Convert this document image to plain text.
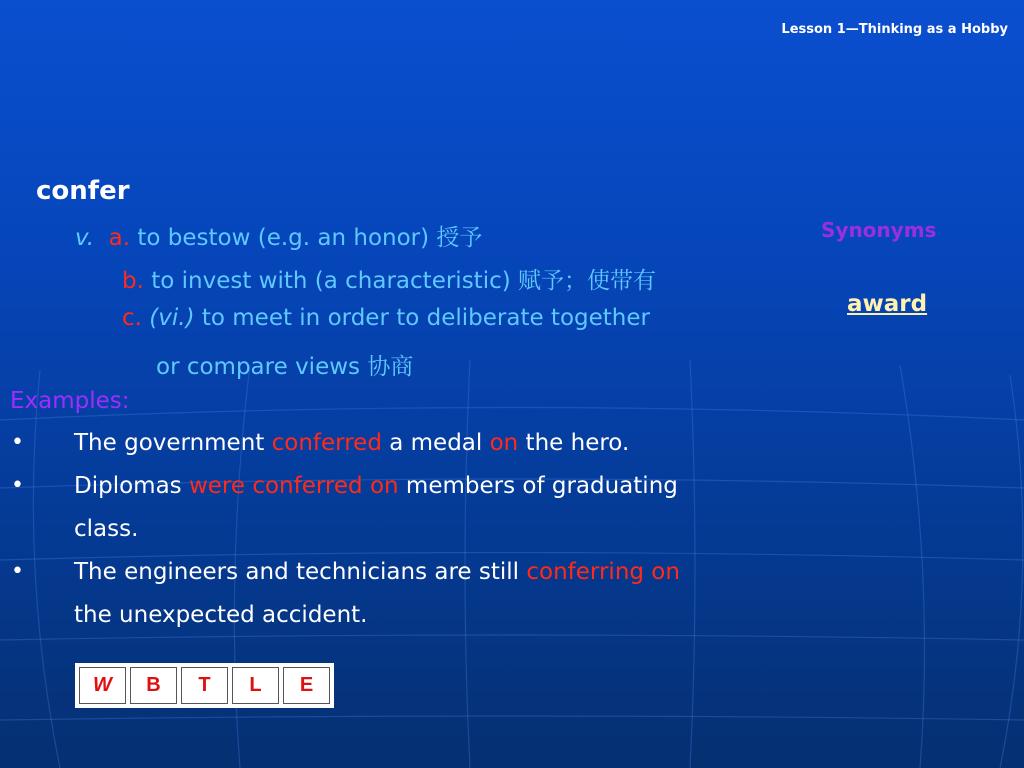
Lesson 1—Thinking as a Hobby
confer
v. a. to bestow (e.g. an honor) 授予
b. to invest with (a characteristic) 赋予；使带有
c. (vi.) to meet in order to deliberate together
or compare views 协商
Synonyms
award
Examples:
• The government conferred a medal on the hero.
• Diplomas were conferred on members of graduating
class.
• The engineers and technicians are still conferring on
the unexpected accident.
W	B	T	L	E
